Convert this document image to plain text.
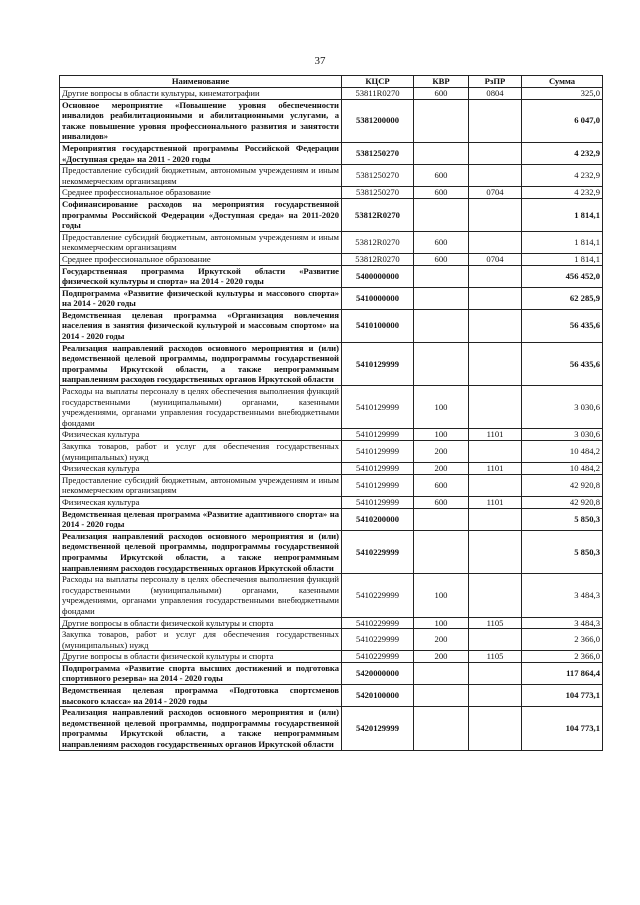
37
Наименование	КЦСР	КВР	РзПР	Сумма
Другие вопросы в области культуры, кинематографии	53811R0270	600	0804	325,0
Основное мероприятие «Повышение уровня обеспеченности инвалидов реабилитационными и абилитационными услугами, а также повышение уровня профессионального развития и занятости инвалидов»	5381200000			6 047,0
Мероприятия государственной программы Российской Федерации «Доступная среда» на 2011 - 2020 годы	5381250270			4 232,9
Предоставление субсидий бюджетным, автономным учреждениям и иным некоммерческим организациям	5381250270	600		4 232,9
Среднее профессиональное образование	5381250270	600	0704	4 232,9
Софинансирование расходов на мероприятия государственной программы Российской Федерации «Доступная среда» на 2011-2020 годы	53812R0270			1 814,1
Предоставление субсидий бюджетным, автономным учреждениям и иным некоммерческим организациям	53812R0270	600		1 814,1
Среднее профессиональное образование	53812R0270	600	0704	1 814,1
Государственная программа Иркутской области «Развитие физической культуры и спорта» на 2014 - 2020 годы	5400000000			456 452,0
Подпрограмма «Развитие физической культуры и массового спорта» на 2014 - 2020 годы	5410000000			62 285,9
Ведомственная целевая программа «Организация вовлечения населения в занятия физической культурой и массовым спортом» на 2014 - 2020 годы	5410100000			56 435,6
Реализация направлений расходов основного мероприятия и (или) ведомственной целевой программы, подпрограммы государственной программы Иркутской области, а также непрограммным направлениям расходов государственных органов Иркутской области	5410129999			56 435,6
Расходы на выплаты персоналу в целях обеспечения выполнения функций государственными (муниципальными) органами, казенными учреждениями, органами управления государственными внебюджетными фондами	5410129999	100		3 030,6
Физическая культура	5410129999	100	1101	3 030,6
Закупка товаров, работ и услуг для обеспечения государственных (муниципальных) нужд	5410129999	200		10 484,2
Физическая культура	5410129999	200	1101	10 484,2
Предоставление субсидий бюджетным, автономным учреждениям и иным некоммерческим организациям	5410129999	600		42 920,8
Физическая культура	5410129999	600	1101	42 920,8
Ведомственная целевая программа «Развитие адаптивного спорта» на 2014 - 2020 годы	5410200000			5 850,3
Реализация направлений расходов основного мероприятия и (или) ведомственной целевой программы, подпрограммы государственной программы Иркутской области, а также непрограммным направлениям расходов государственных органов Иркутской области	5410229999			5 850,3
Расходы на выплаты персоналу в целях обеспечения выполнения функций государственными (муниципальными) органами, казенными учреждениями, органами управления государственными внебюджетными фондами	5410229999	100		3 484,3
Другие вопросы в области физической культуры и спорта	5410229999	100	1105	3 484,3
Закупка товаров, работ и услуг для обеспечения государственных (муниципальных) нужд	5410229999	200		2 366,0
Другие вопросы в области физической культуры и спорта	5410229999	200	1105	2 366,0
Подпрограмма «Развитие спорта высших достижений и подготовка спортивного резерва» на 2014 - 2020 годы	5420000000			117 864,4
Ведомственная целевая программа «Подготовка спортсменов высокого класса» на 2014 - 2020 годы	5420100000			104 773,1
Реализация направлений расходов основного мероприятия и (или) ведомственной целевой программы, подпрограммы государственной программы Иркутской области, а также непрограммным направлениям расходов государственных органов Иркутской области	5420129999			104 773,1
